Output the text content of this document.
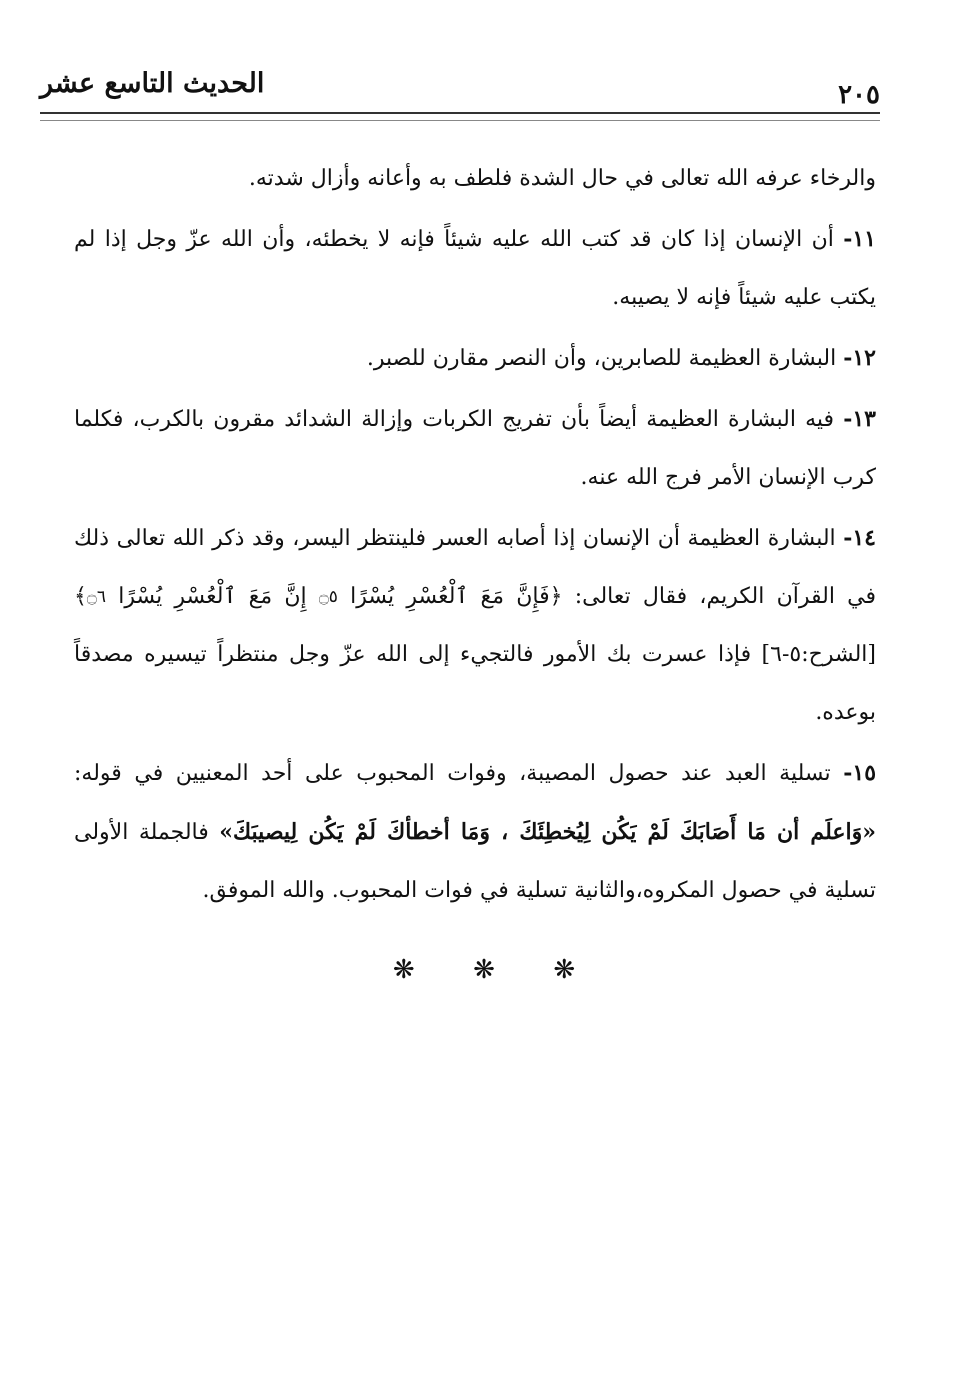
٢٠٥
الحديث التاسع عشر

والرخاء عرفه الله تعالى في حال الشدة فلطف به وأعانه وأزال شدته.

١١- أن الإنسان إذا كان قد كتب الله عليه شيئاً فإنه لا يخطئه، وأن الله عزّ وجل إذا لم يكتب عليه شيئاً فإنه لا يصيبه.

١٢- البشارة العظيمة للصابرين، وأن النصر مقارن للصبر.

١٣- فيه البشارة العظيمة أيضاً بأن تفريج الكربات وإزالة الشدائد مقرون بالكرب، فكلما كرب الإنسان الأمر فرج الله عنه.

١٤- البشارة العظيمة أن الإنسان إذا أصابه العسر فلينتظر اليسر، وقد ذكر الله تعالى ذلك في القرآن الكريم، فقال تعالى: ﴿فَإِنَّ مَعَ ٱلْعُسْرِ يُسْرًا ۝٥ إِنَّ مَعَ ٱلْعُسْرِ يُسْرًا ۝٦﴾ [الشرح:٥-٦] فإذا عسرت بك الأمور فالتجيء إلى الله عزّ وجل منتظراً تيسيره مصدقاً بوعده.

١٥- تسلية العبد عند حصول المصيبة، وفوات المحبوب على أحد المعنيين في قوله: «وَاعلَم أن مَا أَصَابَكَ لَمْ يَكُن لِيُخطِئَكَ ، وَمَا أخطأكَ لَمْ يَكُن لِيصيبَكَ» فالجملة الأولى تسلية في حصول المكروه،والثانية تسلية في فوات المحبوب. والله الموفق.

❋ ❋ ❋
